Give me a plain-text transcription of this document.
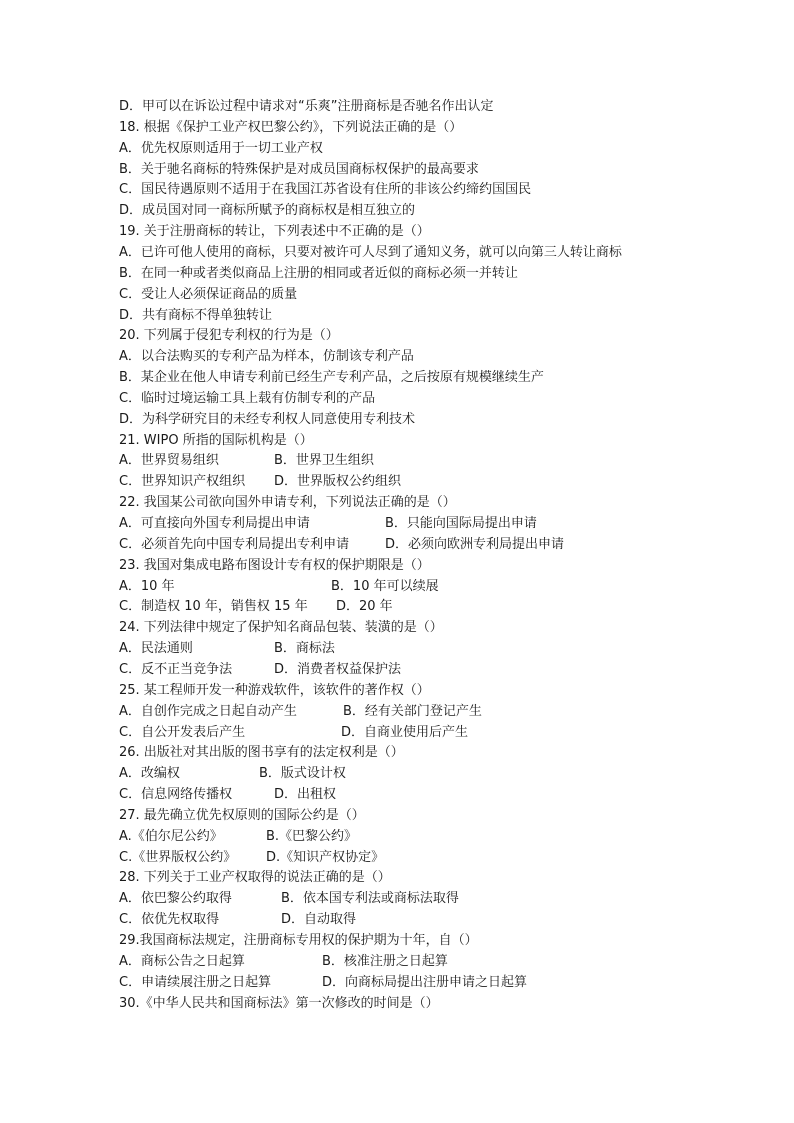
D．甲可以在诉讼过程中请求对“乐爽”注册商标是否驰名作出认定
18. 根据《保护工业产权巴黎公约》，下列说法正确的是（）
A．优先权原则适用于一切工业产权
B．关于驰名商标的特殊保护是对成员国商标权保护的最高要求
C．国民待遇原则不适用于在我国江苏省设有住所的非该公约缔约国国民
D．成员国对同一商标所赋予的商标权是相互独立的
19. 关于注册商标的转让，下列表述中不正确的是（）
A．已许可他人使用的商标，只要对被许可人尽到了通知义务，就可以向第三人转让商标
B．在同一种或者类似商品上注册的相同或者近似的商标必须一并转让
C．受让人必须保证商品的质量
D．共有商标不得单独转让
20. 下列属于侵犯专利权的行为是（）
A．以合法购买的专利产品为样本，仿制该专利产品
B．某企业在他人申请专利前已经生产专利产品，之后按原有规模继续生产
C．临时过境运输工具上载有仿制专利的产品
D．为科学研究目的未经专利权人同意使用专利技术
21. WIPO 所指的国际机构是（）
A．世界贸易组织	B．世界卫生组织
C．世界知识产权组织 D．世界版权公约组织
22. 我国某公司欲向国外申请专利，下列说法正确的是（）
A．可直接向外国专利局提出申请	B．只能向国际局提出申请
C．必须首先向中国专利局提出专利申请	D．必须向欧洲专利局提出申请
23. 我国对集成电路布图设计专有权的保护期限是（）
A．10 年	B．10 年可以续展
C．制造权 10 年，销售权 15 年 D．20 年
24. 下列法律中规定了保护知名商品包装、装潢的是（）
A．民法通则	B．商标法
C．反不正当竞争法	D．消费者权益保护法
25. 某工程师开发一种游戏软件，该软件的著作权（）
A．自创作完成之日起自动产生	B．经有关部门登记产生
C．自公开发表后产生	D．自商业使用后产生
26. 出版社对其出版的图书享有的法定权利是（）
A．改编权	B．版式设计权
C．信息网络传播权	D．出租权
27. 最先确立优先权原则的国际公约是（）
A.《伯尔尼公约》	B.《巴黎公约》
C.《世界版权公约》 D.《知识产权协定》
28. 下列关于工业产权取得的说法正确的是（）
A．依巴黎公约取得	B．依本国专利法或商标法取得
C．依优先权取得	D．自动取得
29.我国商标法规定，注册商标专用权的保护期为十年，自（）
A．商标公告之日起算	B．核准注册之日起算
C．申请续展注册之日起算	D．向商标局提出注册申请之日起算
30.《中华人民共和国商标法》第一次修改的时间是（）
